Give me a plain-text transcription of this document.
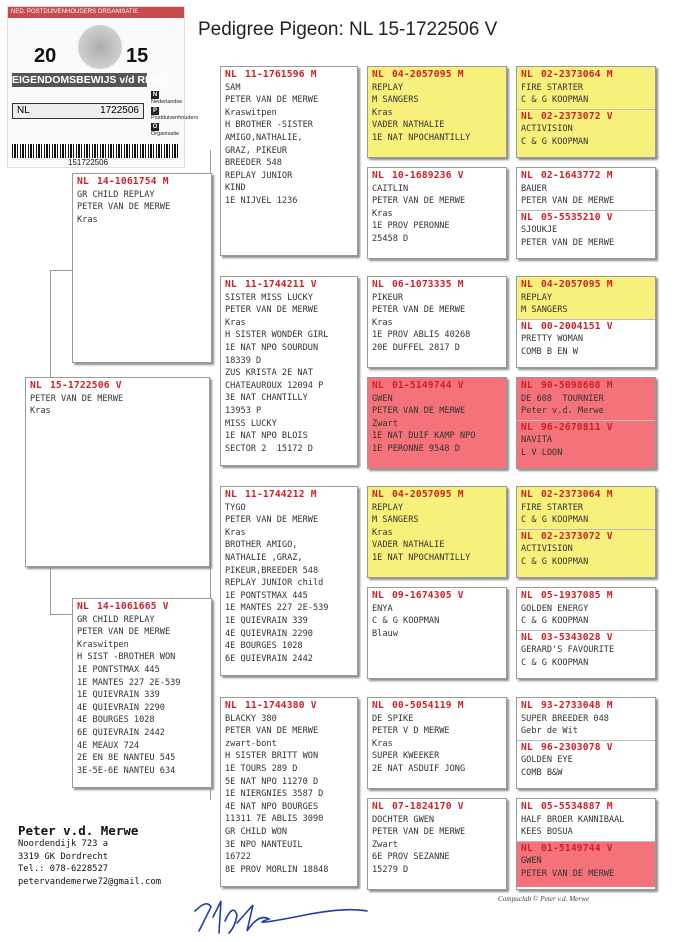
Pedigree Pigeon: NL 15-1722506 V
NED. POSTDUIVENHOUDERS ORGANISATIE
20	15
EIGENDOMSBEWIJS v/d RING
NNederlandse
PPostduivenhouders
OOrganisatie
NL	1722506
151722506
NL 15-1722506 V
PETER VAN DE MERWE
Kras
NL 14-1061754 M
GR CHILD REPLAY
PETER VAN DE MERWE
Kras
NL 14-1061665 V
GR CHILD REPLAY
PETER VAN DE MERWE
Kraswitpen
H SIST -BROTHER WON
1E PONTSTMAX 445
1E MANTES 227 2E-539
1E QUIEVRAIN 339
4E QUIEVRAIN 2290
4E BOURGES 1028
6E QUIEVRAIN 2442
4E MEAUX 724
2E EN 8E NANTEU 545
3E-5E-6E NANTEU 634
NL 11-1761596 M
SAM
PETER VAN DE MERWE
Kraswitpen
H BROTHER -SISTER
AMIGO,NATHALIE,
GRAZ, PIKEUR
BREEDER 548
REPLAY JUNIOR
KIND
1E NIJVEL 1236
NL 11-1744211 V
SISTER MISS LUCKY
PETER VAN DE MERWE
Kras
H SISTER WONDER GIRL
1E NAT NPO SOURDUN
18339 D
ZUS KRISTA 2E NAT
CHATEAUROUX 12094 P
3E NAT CHANTILLY
13953 P
MISS LUCKY
1E NAT NPO BLOIS
SECTOR 2  15172 D
NL 11-1744212 M
TYGO
PETER VAN DE MERWE
Kras
BROTHER AMIGO,
NATHALIE ,GRAZ,
PIKEUR,BREEDER 548
REPLAY JUNIOR child
1E PONTSTMAX 445
1E MANTES 227 2E-539
1E QUIEVRAIN 339
4E QUIEVRAIN 2290
4E BOURGES 1028
6E QUIEVRAIN 2442
NL 11-1744380 V
BLACKY 380
PETER VAN DE MERWE
zwart-bont
H SISTER BRITT WON
1E TOURS 289 D
5E NAT NPO 11270 D
1E NIERGNIES 3587 D
4E NAT NPO BOURGES
11311 7E ABLIS 3090
GR CHILD WON
3E NPO NANTEUIL
16722
8E PROV MORLIN 18848
NL 04-2057095 M
REPLAY
M SANGERS
Kras
VADER NATHALIE
1E NAT NPOCHANTILLY
NL 10-1689236 V
CAITLIN
PETER VAN DE MERWE
Kras
1E PROV PERONNE
25458 D
NL 06-1073335 M
PIKEUR
PETER VAN DE MERWE
Kras
1E PROV ABLIS 40268
20E DUFFEL 2817 D
NL 01-5149744 V
GWEN
PETER VAN DE MERWE
Zwart
1E NAT DUIF KAMP NPO
1E PERONNE 9548 D
NL 04-2057095 M
REPLAY
M SANGERS
Kras
VADER NATHALIE
1E NAT NPOCHANTILLY
NL 09-1674305 V
ENYA
C & G KOOPMAN
Blauw
NL 00-5054119 M
DE SPIKE
PETER V D MERWE
Kras
SUPER KWEEKER
2E NAT ASDUIF JONG
NL 07-1824170 V
DOCHTER GWEN
PETER VAN DE MERWE
Zwart
6E PROV SEZANNE
15279 D
NL 02-2373064 M
FIRE STARTER
C & G KOOPMAN
NL 02-2373072 V
ACTIVISION
C & G KOOPMAN
NL 02-1643772 M
BAUER
PETER VAN DE MERWE
NL 05-5535210 V
SJOUKJE
PETER VAN DE MERWE
NL 04-2057095 M
REPLAY
M SANGERS
NL 00-2004151 V
PRETTY WOMAN
COMB B EN W
NL 90-5098608 M
DE 608  TOURNIER
Peter v.d. Merwe
NL 96-2670811 V
NAVITA
L V LOON
NL 02-2373064 M
FIRE STARTER
C & G KOOPMAN
NL 02-2373072 V
ACTIVISION
C & G KOOPMAN
NL 05-1937085 M
GOLDEN ENERGY
C & G KOOPMAN
NL 03-5343028 V
GERARD'S FAVOURITE
C & G KOOPMAN
NL 93-2733048 M
SUPER BREEDER 048
Gebr de Wit
NL 96-2303078 V
GOLDEN EYE
COMB B&W
NL 05-5534887 M
HALF BROER KANNIBAAL
KEES BOSUA
NL 01-5149744 V
GWEN
PETER VAN DE MERWE
Peter v.d. Merwe
Noordendijk 723 a
3319 GK Dordrecht
Tel.: 078-6228527
petervandemerwe72@gmail.com
Compuclub © Peter v.d. Merwe
